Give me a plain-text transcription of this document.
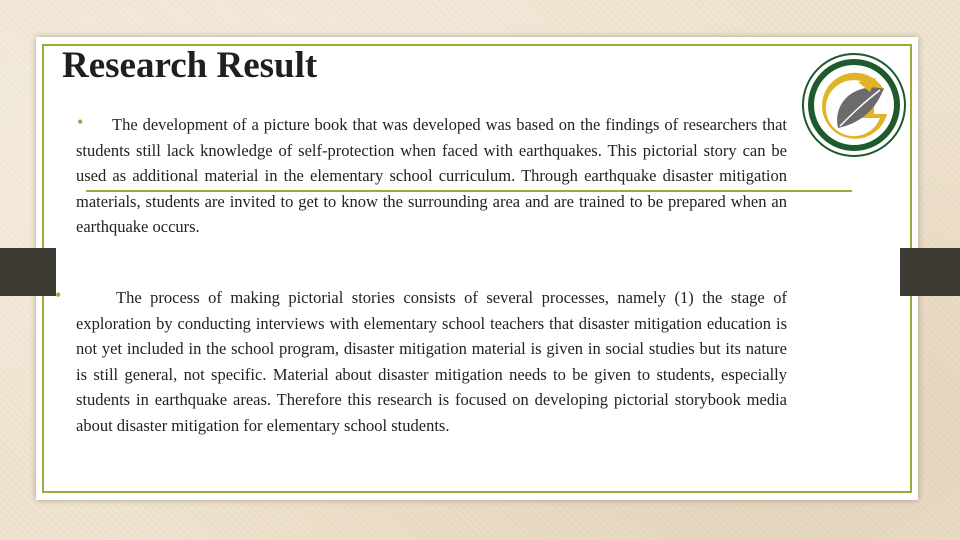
Research Result
•	The development of a picture book that was developed was based on the findings of researchers that students still lack knowledge of self-protection when faced with earthquakes. This pictorial story can be used as additional material in the elementary school curriculum. Through earthquake disaster mitigation materials, students are invited to get to know the surrounding area and are trained to be prepared when an earthquake occurs.

•	The process of making pictorial stories consists of several processes, namely (1) the stage of exploration by conducting interviews with elementary school teachers that disaster mitigation education is not yet included in the school program, disaster mitigation material is given in social studies but its nature is still general, not specific. Material about disaster mitigation needs to be given to students, especially students in earthquake areas. Therefore this research is focused on developing pictorial storybook media about disaster mitigation for elementary school students.
